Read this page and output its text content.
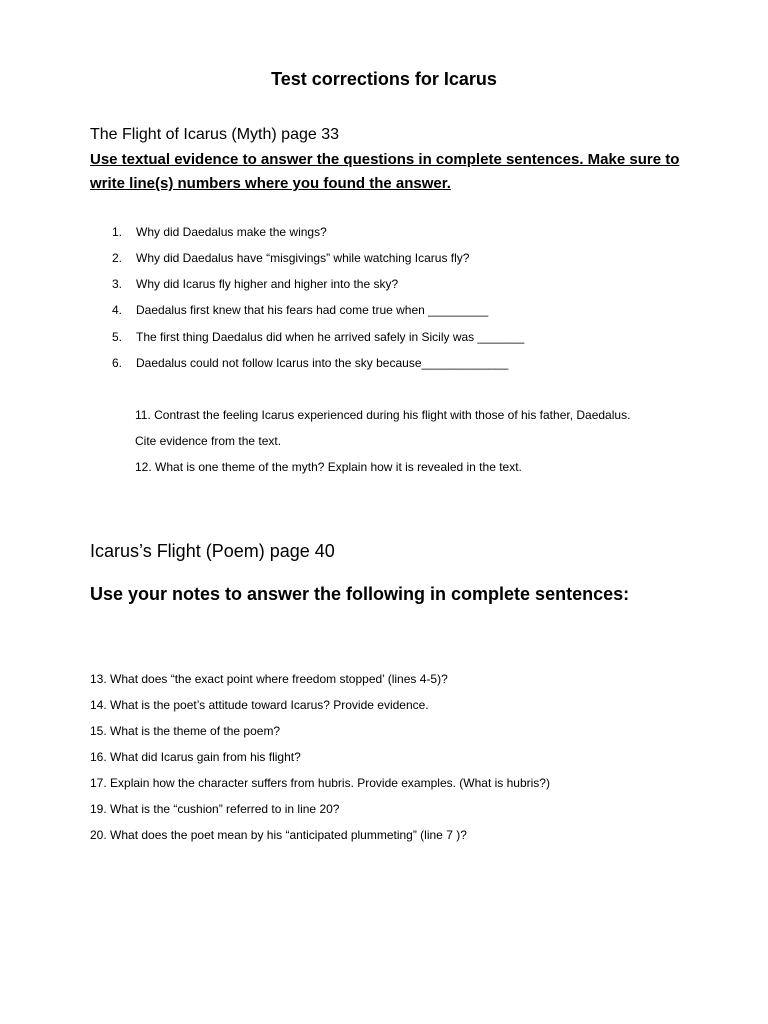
Test corrections for Icarus
The Flight of Icarus (Myth) page 33
Use textual evidence to answer the questions in complete sentences. Make sure to write line(s) numbers where you found the answer.
1. Why did Daedalus make the wings?
2. Why did Daedalus have “misgivings” while watching Icarus fly?
3. Why did Icarus fly higher and higher into the sky?
4. Daedalus first knew that his fears had come true when _________
5. The first thing Daedalus did when he arrived safely in Sicily was _______
6. Daedalus could not follow Icarus into the sky because_____________
11. Contrast the feeling Icarus experienced during his flight with those of his father, Daedalus.
Cite evidence from the text.
12. What is one theme of the myth? Explain how it is revealed in the text.
Icarus’s Flight (Poem) page 40
Use your notes to answer the following in complete sentences:
13. What does “the exact point where freedom stopped’ (lines 4-5)?
14. What is the poet’s attitude toward Icarus? Provide evidence.
15. What is the theme of the poem?
16. What did Icarus gain from his flight?
17. Explain how the character suffers from hubris. Provide examples. (What is hubris?)
19. What is the “cushion” referred to in line 20?
20. What does the poet mean by his “anticipated plummeting” (line 7 )?
